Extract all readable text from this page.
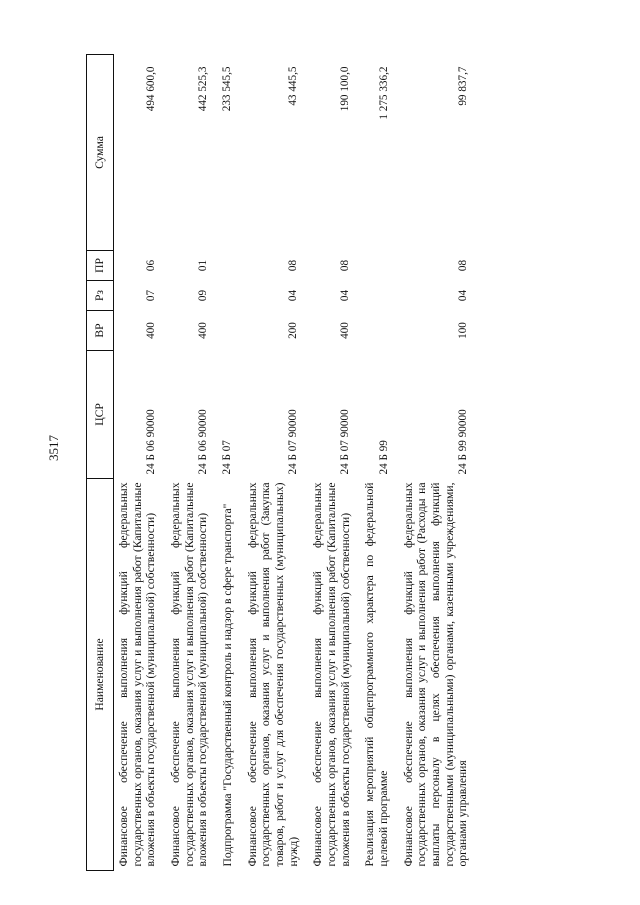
3517
Наименование	ЦСР	ВР	Рз	ПР	Сумма
Финансовое обеспечение выполнения функций федеральных государственных органов, оказания услуг и выполнения работ (Капитальные вложения в объекты государственной (муниципальной) собственности)	24 Б 06 90000	400	07	06	494 600,0
Финансовое обеспечение выполнения функций федеральных государственных органов, оказания услуг и выполнения работ (Капитальные вложения в объекты государственной (муниципальной) собственности)	24 Б 06 90000	400	09	01	442 525,3
Подпрограмма "Государственный контроль и надзор в сфере транспорта"	24 Б 07				233 545,5
Финансовое обеспечение выполнения функций федеральных государственных органов, оказания услуг и выполнения работ (Закупка товаров, работ и услуг для обеспечения государственных (муниципальных) нужд)	24 Б 07 90000	200	04	08	43 445,5
Финансовое обеспечение выполнения функций федеральных государственных органов, оказания услуг и выполнения работ (Капитальные вложения в объекты государственной (муниципальной) собственности)	24 Б 07 90000	400	04	08	190 100,0
Реализация мероприятий общепрограммного характера по федеральной целевой программе	24 Б 99				1 275 336,2
Финансовое обеспечение выполнения функций федеральных государственных органов, оказания услуг и выполнения работ (Расходы на выплаты персоналу в целях обеспечения выполнения функций государственными (муниципальными) органами, казенными учреждениями, органами управления	24 Б 99 90000	100	04	08	99 837,7
